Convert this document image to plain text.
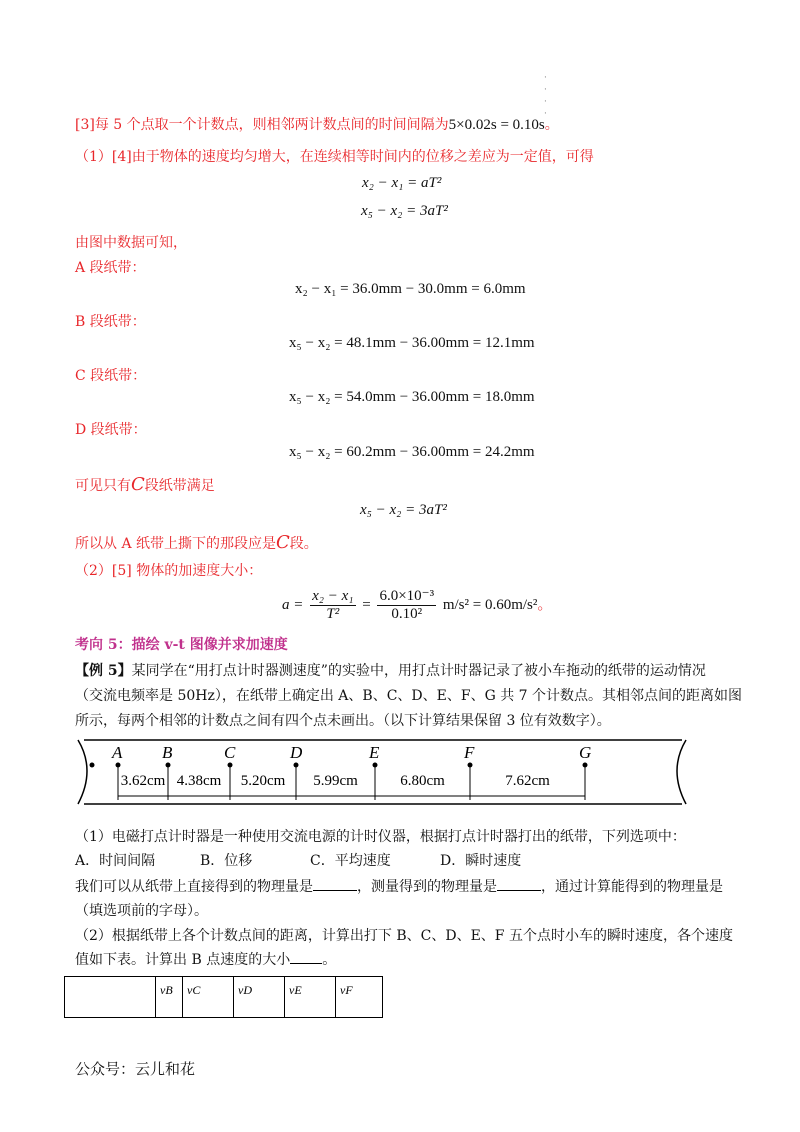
·
·
·
·
[3]每 5 个点取一个计数点，则相邻两计数点间的时间间隔为5×0.02s = 0.10s。
（1）[4]由于物体的速度均匀增大，在连续相等时间内的位移之差应为一定值，可得
x₂ − x₁ = aT²
x₅ − x₂ = 3aT²
由图中数据可知，
A 段纸带：
x₂ − x₁ = 36.0mm − 30.0mm = 6.0mm
B 段纸带：
x₅ − x₂ = 48.1mm − 36.00mm = 12.1mm
C 段纸带：
x₅ − x₂ = 54.0mm − 36.00mm = 18.0mm
D 段纸带：
x₅ − x₂ = 60.2mm − 36.00mm = 24.2mm
可见只有C段纸带满足
x₅ − x₂ = 3aT²
所以从 A 纸带上撕下的那段应是C段。
（2）[5] 物体的加速度大小：
$a = \frac{\text{x₂ − x₁}}{\text{T²}} = \frac{\text{6.0×10⁻³}}{\text{0.10²}} m/s^2 = 0.60m/s^2$。
考向 5：描绘 v-t 图像并求加速度
【例 5】某同学在“用打点计时器测速度”的实验中，用打点计时器记录了被小车拖动的纸带的运动情况
（交流电频率是 50Hz），在纸带上确定出 A、B、C、D、E、F、G 共 7 个计数点。其相邻点间的距离如图
所示，每两个相邻的计数点之间有四个点未画出。（以下计算结果保留 3 位有效数字）。
A B	C	D	E	F	G
3.62cm 4.38cm 5.20cm 5.99cm	6.80cm	7.62cm
（1）电磁打点计时器是一种使用交流电源的计时仪器，根据打点计时器打出的纸带，下列选项中：
A．时间间隔	B．位移	C．平均速度	D．瞬时速度
我们可以从纸带上直接得到的物理量是	，测量得到的物理量是	，通过计算能得到的物理量是
（填选项前的字母）。
（2）根据纸带上各个计数点间的距离，计算出打下 B、C、D、E、F 五个点时小车的瞬时速度，各个速度
值如下表。计算出 B 点速度的大小 。
	vB	vC	vD	vE	vF
公众号：云儿和花
